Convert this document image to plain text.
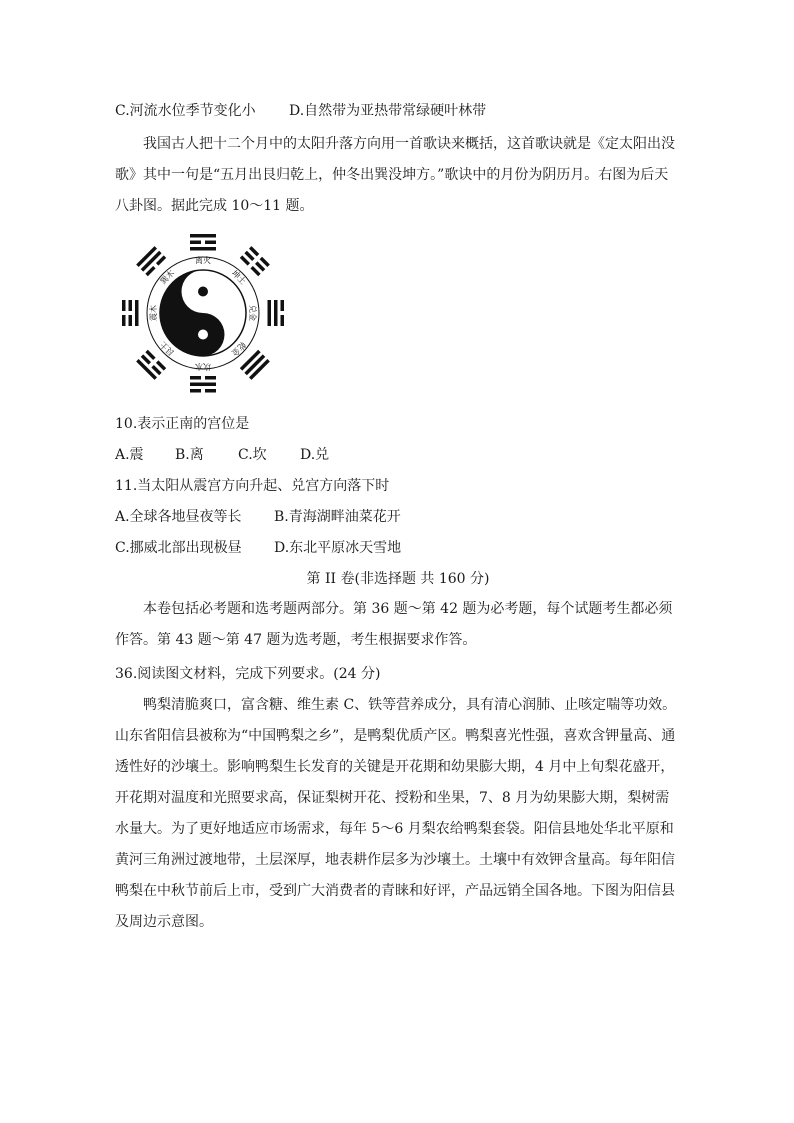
C.河流水位季节变化小 D.自然带为亚热带常绿硬叶林带

我国古人把十二个月中的太阳升落方向用一首歌诀来概括，这首歌诀就是《定太阳出没歌》其中一句是“五月出艮归乾上，仲冬出巽没坤方。”歌诀中的月份为阴历月。右图为后天八卦图。据此完成 10～11 题。

离火
坎水
震木	兑金
巽木	坤土
艮土	乾金
10.表示正南的宫位是
A.震 B.离 C.坎 D.兑
11.当太阳从震宫方向升起、兑宫方向落下时
A.全球各地昼夜等长 B.青海湖畔油菜花开
C.挪威北部出现极昼 D.东北平原冰天雪地
第 II 卷(非选择题 共 160 分)

本卷包括必考题和选考题两部分。第 36 题～第 42 题为必考题，每个试题考生都必须作答。第 43 题～第 47 题为选考题，考生根据要求作答。

36.阅读图文材料，完成下列要求。(24 分)

鸭梨清脆爽口，富含糖、维生素 C、铁等营养成分，具有清心润肺、止咳定喘等功效。山东省阳信县被称为“中国鸭梨之乡”，是鸭梨优质产区。鸭梨喜光性强，喜欢含钾量高、通透性好的沙壤土。影响鸭梨生长发育的关键是开花期和幼果膨大期，4 月中上旬梨花盛开，开花期对温度和光照要求高，保证梨树开花、授粉和坐果，7、8 月为幼果膨大期，梨树需水量大。为了更好地适应市场需求，每年 5～6 月梨农给鸭梨套袋。阳信县地处华北平原和黄河三角洲过渡地带，土层深厚，地表耕作层多为沙壤土。土壤中有效钾含量高。每年阳信鸭梨在中秋节前后上市，受到广大消费者的青睐和好评，产品远销全国各地。下图为阳信县及周边示意图。
